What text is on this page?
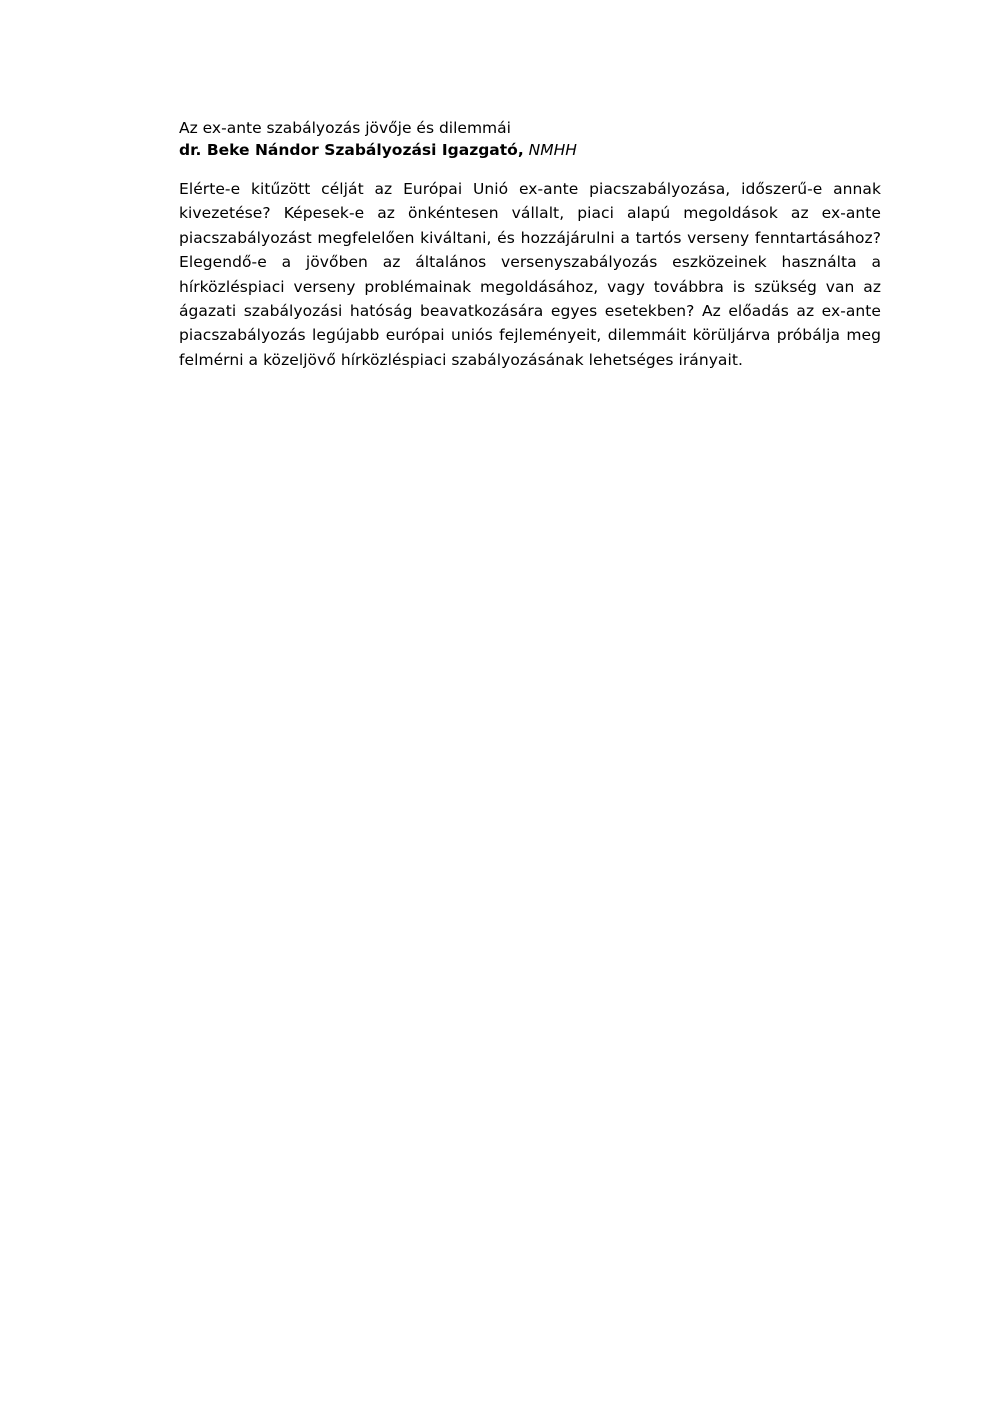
Az ex-ante szabályozás jövője és dilemmái

dr. Beke Nándor Szabályozási Igazgató, NMHH

Elérte-e kitűzött célját az Európai Unió ex-ante piacszabályozása, időszerű-e annak kivezetése? Képesek-e az önkéntesen vállalt, piaci alapú megoldások az ex-ante piacszabályozást megfelelően kiváltani, és hozzájárulni a tartós verseny fenntartásához? Elegendő-e a jövőben az általános versenyszabályozás eszközeinek használta a hírközléspiaci verseny problémainak megoldásához, vagy továbbra is szükség van az ágazati szabályozási hatóság beavatkozására egyes esetekben? Az előadás az ex-ante piacszabályozás legújabb európai uniós fejleményeit, dilemmáit körüljárva próbálja meg felmérni a közeljövő hírközléspiaci szabályozásának lehetséges irányait.
